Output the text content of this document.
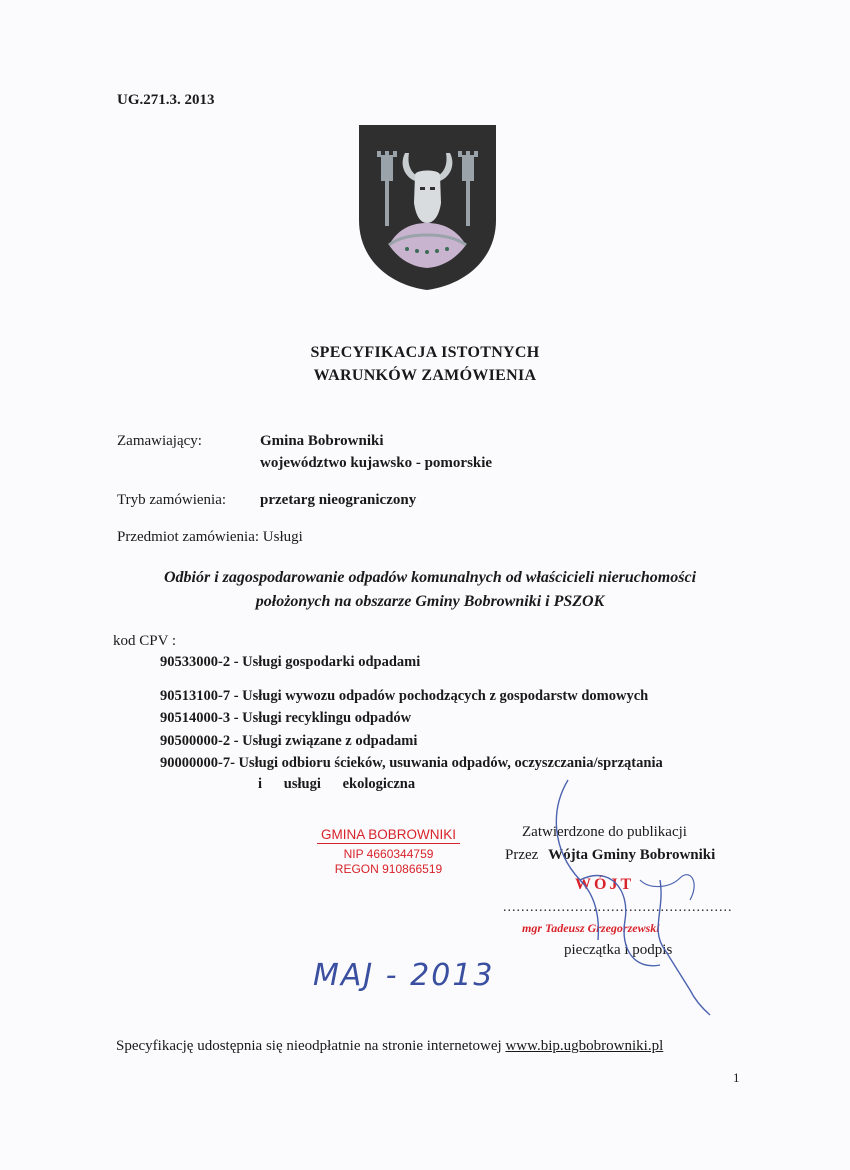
UG.271.3. 2013
SPECYFIKACJA ISTOTNYCH
WARUNKÓW ZAMÓWIENIA
Zamawiający:	Gmina Bobrowniki
województwo kujawsko - pomorskie
Tryb zamówienia: przetarg nieograniczony
Przedmiot zamówienia: Usługi
Odbiór i zagospodarowanie odpadów komunalnych od właścicieli nieruchomości
położonych na obszarze Gminy Bobrowniki i PSZOK
kod CPV :
90533000-2 - Usługi gospodarki odpadami
90513100-7 - Usługi wywozu odpadów pochodzących z gospodarstw domowych
90514000-3 - Usługi recyklingu odpadów
90500000-2 - Usługi związane z odpadami
90000000-7- Usługi odbioru ścieków, usuwania odpadów, oczyszczania/sprzątania
i      usługi      ekologiczna
GMINA BOBROWNIKI
NIP 4660344759
REGON 910866519
Zatwierdzone do publikacji
Przez Wójta Gminy Bobrowniki
WÓJT
...................................................
mgr Tadeusz Grzegorzewski
pieczątka i podpis
MAJ - 2013
Specyfikację udostępnia się nieodpłatnie na stronie internetowej www.bip.ugbobrowniki.pl
1
